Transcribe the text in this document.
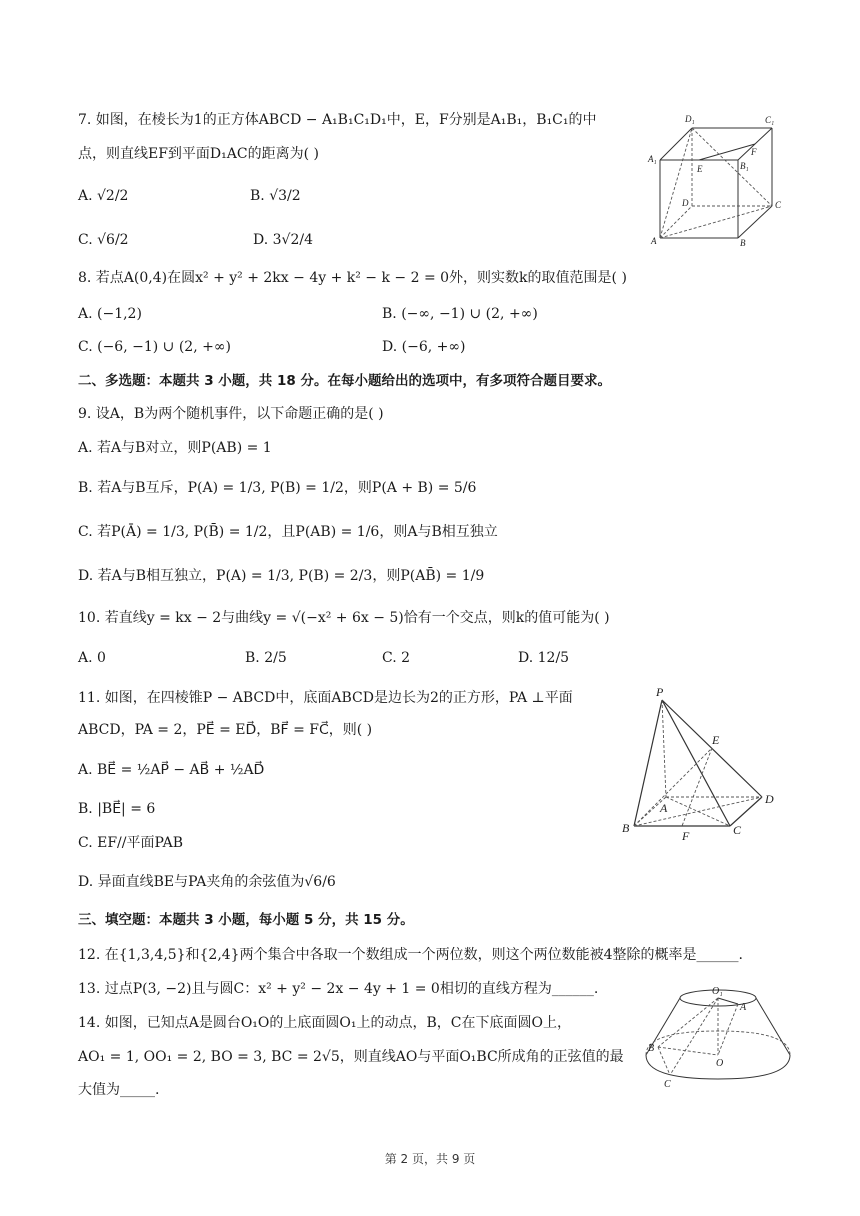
7. 如图，在棱长为1的正方体ABCD − A₁B₁C₁D₁中，E，F分别是A₁B₁，B₁C₁的中
点，则直线EF到平面D₁AC的距离为( )
A. √2/2	B. √3/2
C. √6/2	D. 3√2/4
D₁	C₁
A₁
E	B₁
F
D	C
A	B
8. 若点A(0,4)在圆x² + y² + 2kx − 4y + k² − k − 2 = 0外，则实数k的取值范围是( )
A. (−1,2)	B. (−∞, −1) ∪ (2, +∞)
C. (−6, −1) ∪ (2, +∞)	D. (−6, +∞)
二、多选题：本题共 3 小题，共 18 分。在每小题给出的选项中，有多项符合题目要求。
9. 设A，B为两个随机事件，以下命题正确的是( )
A. 若A与B对立，则P(AB) = 1
B. 若A与B互斥，P(A) = 1/3, P(B) = 1/2，则P(A + B) = 5/6
C. 若P(Ā) = 1/3, P(B̄) = 1/2，且P(AB) = 1/6，则A与B相互独立
D. 若A与B相互独立，P(A) = 1/3, P(B) = 2/3，则P(AB̄) = 1/9
10. 若直线y = kx − 2与曲线y = √(−x² + 6x − 5)恰有一个交点，则k的值可能为( )
A. 0	B. 2/5	C. 2	D. 12/5
11. 如图，在四棱锥P − ABCD中，底面ABCD是边长为2的正方形，PA ⊥平面
ABCD，PA = 2，PE⃗ = ED⃗，BF⃗ = FC⃗，则( )
A. BE⃗ = ½AP⃗ − AB⃗ + ½AD⃗
B. |BE⃗| = 6
C. EF//平面PAB
D. 异面直线BE与PA夹角的余弦值为√6/6
P
E
D
A
B
F	C
三、填空题：本题共 3 小题，每小题 5 分，共 15 分。
12. 在{1,3,4,5}和{2,4}两个集合中各取一个数组成一个两位数，则这个两位数能被4整除的概率是______.
13. 过点P(3, −2)且与圆C：x² + y² − 2x − 4y + 1 = 0相切的直线方程为______.
14. 如图，已知点A是圆台O₁O的上底面圆O₁上的动点，B，C在下底面圆O上，
AO₁ = 1, OO₁ = 2, BO = 3, BC = 2√5，则直线AO与平面O₁BC所成角的正弦值的最
大值为_____.
O₁
A
B
O
C
第 2 页，共 9 页
